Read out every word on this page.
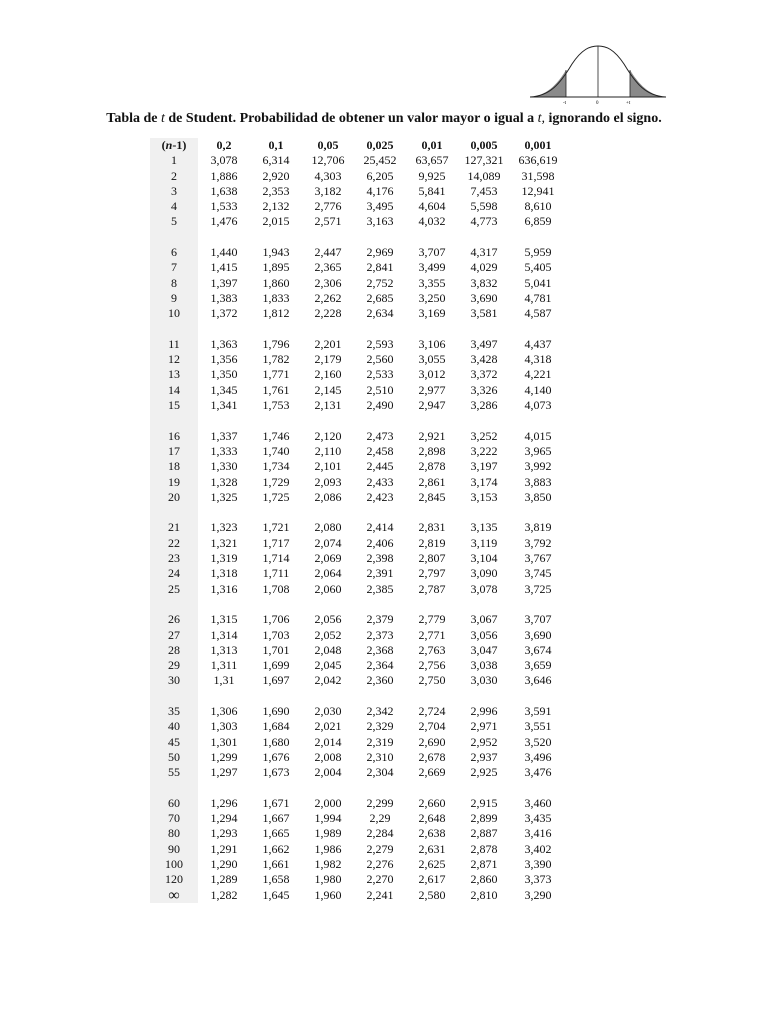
-t	0	+t
Tabla de t de Student. Probabilidad de obtener un valor mayor o igual a t, ignorando el signo.
(n-1)	0,2	0,1	0,05	0,025	0,01	0,005	0,001
1	3,078	6,314	12,706	25,452	63,657	127,321	636,619
2	1,886	2,920	4,303	6,205	9,925	14,089	31,598
3	1,638	2,353	3,182	4,176	5,841	7,453	12,941
4	1,533	2,132	2,776	3,495	4,604	5,598	8,610
5	1,476	2,015	2,571	3,163	4,032	4,773	6,859

6	1,440	1,943	2,447	2,969	3,707	4,317	5,959
7	1,415	1,895	2,365	2,841	3,499	4,029	5,405
8	1,397	1,860	2,306	2,752	3,355	3,832	5,041
9	1,383	1,833	2,262	2,685	3,250	3,690	4,781
10	1,372	1,812	2,228	2,634	3,169	3,581	4,587

11	1,363	1,796	2,201	2,593	3,106	3,497	4,437
12	1,356	1,782	2,179	2,560	3,055	3,428	4,318
13	1,350	1,771	2,160	2,533	3,012	3,372	4,221
14	1,345	1,761	2,145	2,510	2,977	3,326	4,140
15	1,341	1,753	2,131	2,490	2,947	3,286	4,073

16	1,337	1,746	2,120	2,473	2,921	3,252	4,015
17	1,333	1,740	2,110	2,458	2,898	3,222	3,965
18	1,330	1,734	2,101	2,445	2,878	3,197	3,992
19	1,328	1,729	2,093	2,433	2,861	3,174	3,883
20	1,325	1,725	2,086	2,423	2,845	3,153	3,850

21	1,323	1,721	2,080	2,414	2,831	3,135	3,819
22	1,321	1,717	2,074	2,406	2,819	3,119	3,792
23	1,319	1,714	2,069	2,398	2,807	3,104	3,767
24	1,318	1,711	2,064	2,391	2,797	3,090	3,745
25	1,316	1,708	2,060	2,385	2,787	3,078	3,725

26	1,315	1,706	2,056	2,379	2,779	3,067	3,707
27	1,314	1,703	2,052	2,373	2,771	3,056	3,690
28	1,313	1,701	2,048	2,368	2,763	3,047	3,674
29	1,311	1,699	2,045	2,364	2,756	3,038	3,659
30	1,31	1,697	2,042	2,360	2,750	3,030	3,646

35	1,306	1,690	2,030	2,342	2,724	2,996	3,591
40	1,303	1,684	2,021	2,329	2,704	2,971	3,551
45	1,301	1,680	2,014	2,319	2,690	2,952	3,520
50	1,299	1,676	2,008	2,310	2,678	2,937	3,496
55	1,297	1,673	2,004	2,304	2,669	2,925	3,476

60	1,296	1,671	2,000	2,299	2,660	2,915	3,460
70	1,294	1,667	1,994	2,29	2,648	2,899	3,435
80	1,293	1,665	1,989	2,284	2,638	2,887	3,416
90	1,291	1,662	1,986	2,279	2,631	2,878	3,402
100	1,290	1,661	1,982	2,276	2,625	2,871	3,390
120	1,289	1,658	1,980	2,270	2,617	2,860	3,373
∞	1,282	1,645	1,960	2,241	2,580	2,810	3,290
